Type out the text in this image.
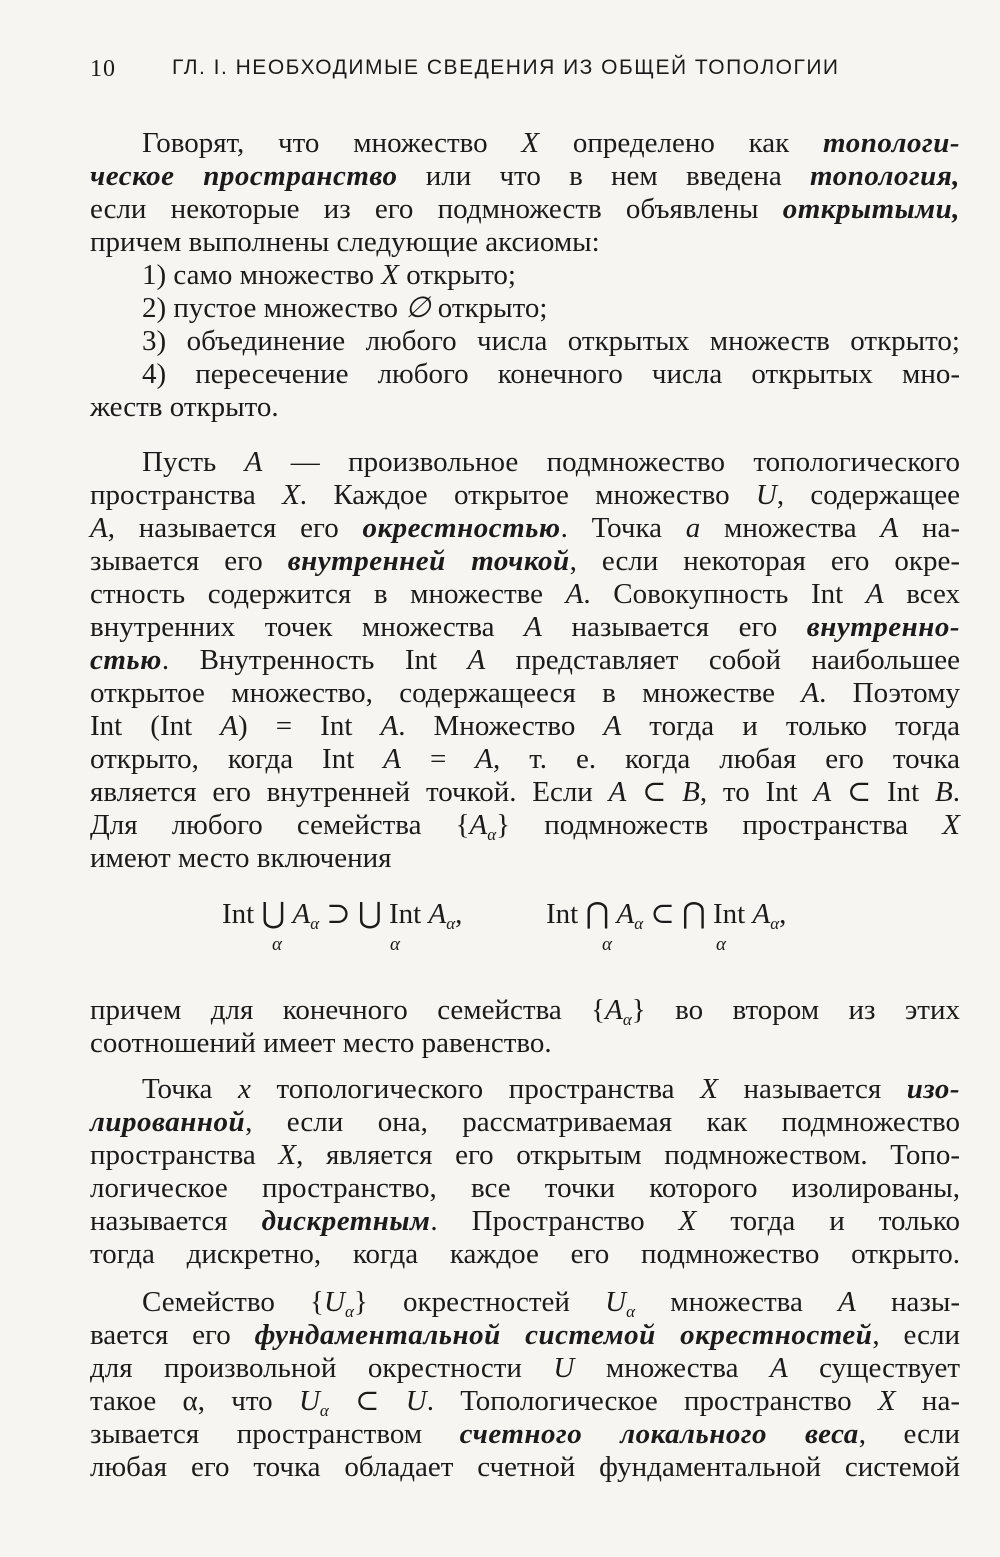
10	ГЛ. I. НЕОБХОДИМЫЕ СВЕДЕНИЯ ИЗ ОБЩЕЙ ТОПОЛОГИИ
Говорят, что множество X определено как топологи-
ческое пространство или что в нем введена топология,
если некоторые из его подмножеств объявлены открытыми,
причем выполнены следующие аксиомы:
1) само множество X открыто;
2) пустое множество ∅ открыто;
3) объединение любого числа открытых множеств открыто;
4) пересечение любого конечного числа открытых мно-
жеств открыто.
Пусть A — произвольное подмножество топологического
пространства X. Каждое открытое множество U, содержащее
A, называется его окрестностью. Точка a множества A на-
зывается его внутренней точкой, если некоторая его окре-
стность содержится в множестве A. Совокупность Int A всех
внутренних точек множества A называется его внутренно-
стью. Внутренность Int A представляет собой наибольшее
открытое множество, содержащееся в множестве A. Поэтому
Int (Int A) = Int A. Множество A тогда и только тогда
открыто, когда Int A = A, т. е. когда любая его точка
является его внутренней точкой. Если A ⊂ B, то Int A ⊂ Int B.
Для любого семейства $\{A_\alpha\}$ подмножеств пространства X
имеют место включения
Int ⋃ $A_\alpha$ ⊃ ⋃ Int $A_\alpha$,
α	α
Int ⋂ $A_\alpha$ ⊂ ⋂ Int $A_\alpha$,
α	α
причем для конечного семейства $\{A_\alpha\}$ во втором из этих
соотношений имеет место равенство.
Точка x топологического пространства X называется изо-
лированной, если она, рассматриваемая как подмножество
пространства X, является его открытым подмножеством. Топо-
логическое пространство, все точки которого изолированы,
называется дискретным. Пространство X тогда и только
тогда дискретно, когда каждое его подмножество открыто.
Семейство $\{U_\alpha\}$ окрестностей $U_\alpha$ множества A назы-
вается его фундаментальной системой окрестностей, если
для произвольной окрестности U множества A существует
такое α, что $U_\alpha$ ⊂ U. Топологическое пространство X на-
зывается пространством счетного локального веса, если
любая его точка обладает счетной фундаментальной системой
